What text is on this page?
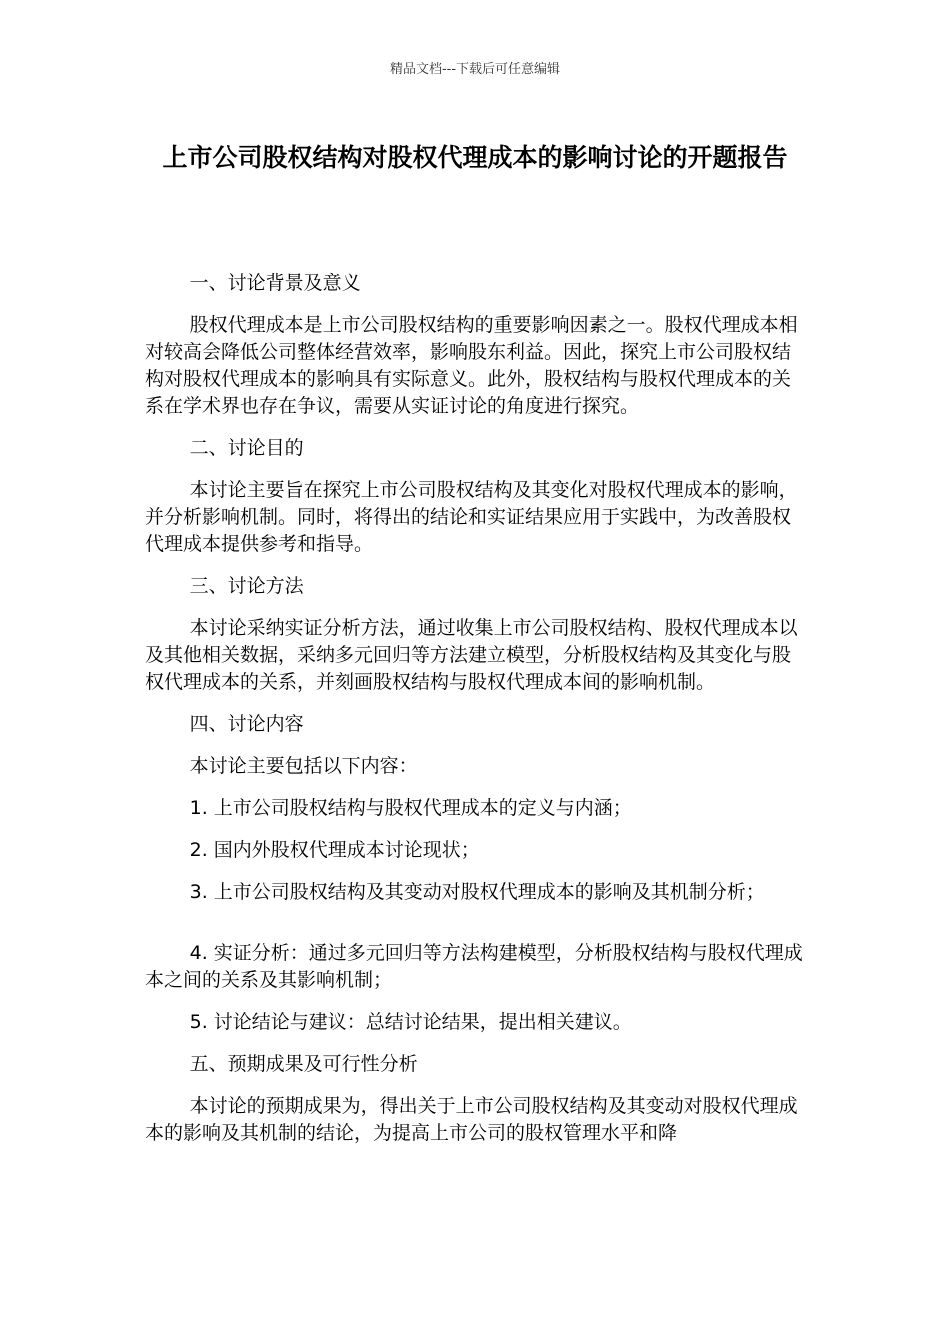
精品文档---下载后可任意编辑
上市公司股权结构对股权代理成本的影响讨论的开题报告

一、讨论背景及意义

股权代理成本是上市公司股权结构的重要影响因素之一。股权代理成本相对较高会降低公司整体经营效率，影响股东利益。因此，探究上市公司股权结构对股权代理成本的影响具有实际意义。此外，股权结构与股权代理成本的关系在学术界也存在争议，需要从实证讨论的角度进行探究。

二、讨论目的

本讨论主要旨在探究上市公司股权结构及其变化对股权代理成本的影响，并分析影响机制。同时，将得出的结论和实证结果应用于实践中，为改善股权代理成本提供参考和指导。

三、讨论方法

本讨论采纳实证分析方法，通过收集上市公司股权结构、股权代理成本以及其他相关数据，采纳多元回归等方法建立模型，分析股权结构及其变化与股权代理成本的关系，并刻画股权结构与股权代理成本间的影响机制。

四、讨论内容

本讨论主要包括以下内容：

1. 上市公司股权结构与股权代理成本的定义与内涵；

2. 国内外股权代理成本讨论现状；

3. 上市公司股权结构及其变动对股权代理成本的影响及其机制分析；

4. 实证分析：通过多元回归等方法构建模型，分析股权结构与股权代理成本之间的关系及其影响机制；

5. 讨论结论与建议：总结讨论结果，提出相关建议。

五、预期成果及可行性分析

本讨论的预期成果为，得出关于上市公司股权结构及其变动对股权代理成本的影响及其机制的结论，为提高上市公司的股权管理水平和降
